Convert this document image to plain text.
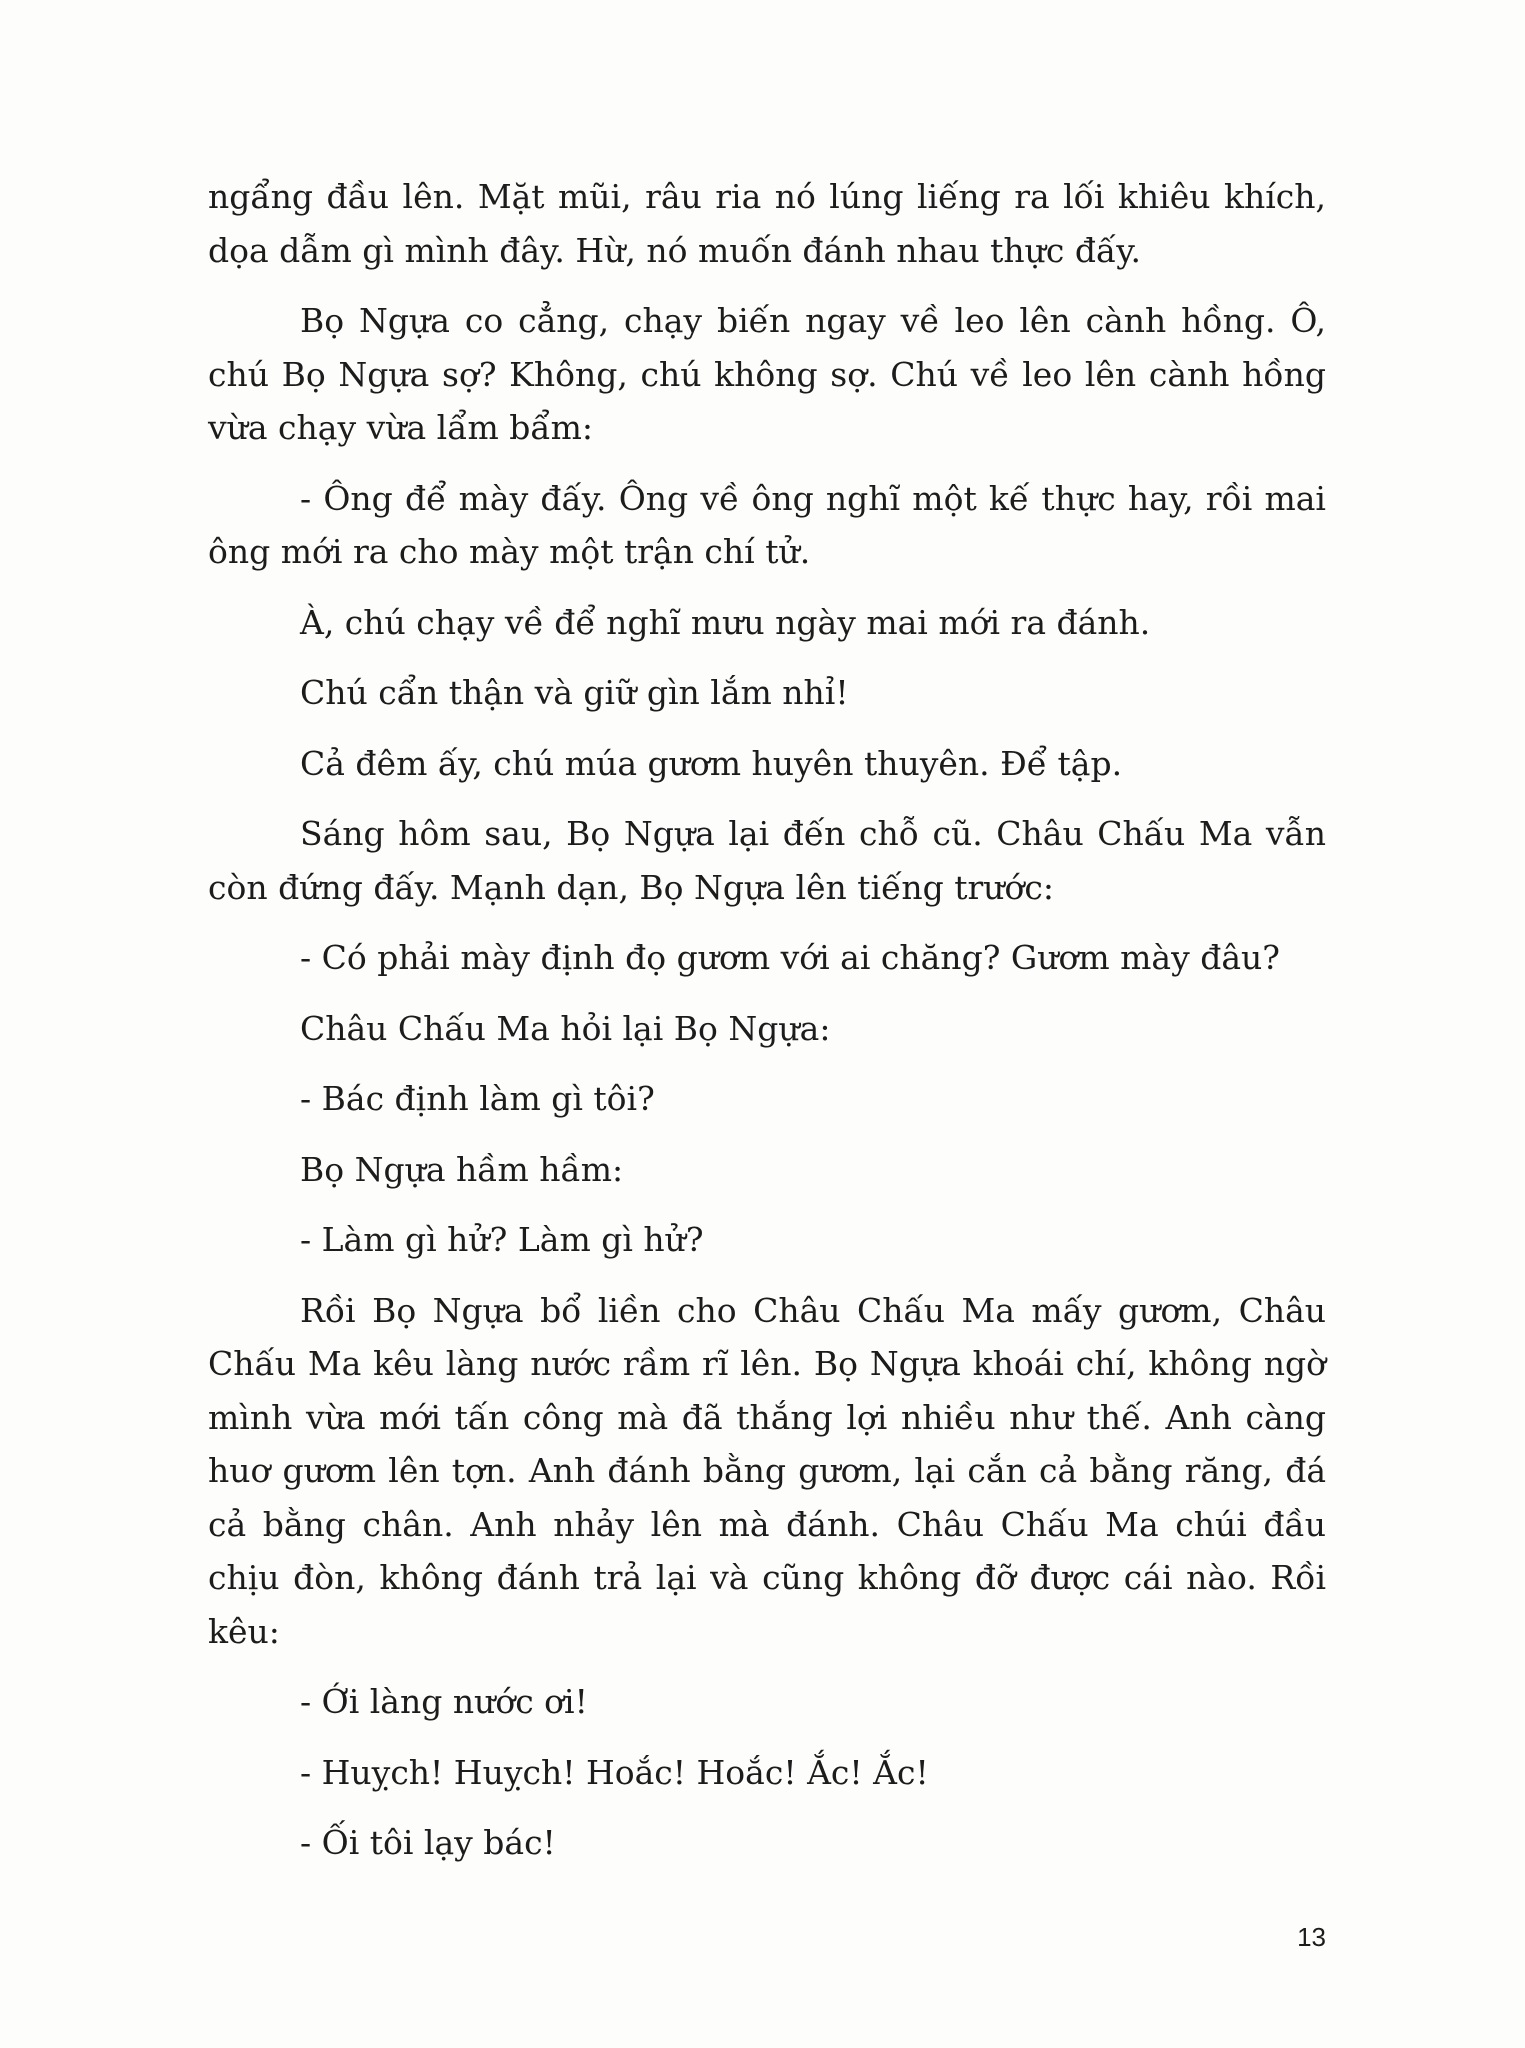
ngẩng đầu lên. Mặt mũi, râu ria nó lúng liếng ra lối khiêu khích, dọa dẫm gì mình đây. Hừ, nó muốn đánh nhau thực đấy.

Bọ Ngựa co cẳng, chạy biến ngay về leo lên cành hồng. Ô, chú Bọ Ngựa sợ? Không, chú không sợ. Chú về leo lên cành hồng vừa chạy vừa lẩm bẩm:

- Ông để mày đấy. Ông về ông nghĩ một kế thực hay, rồi mai ông mới ra cho mày một trận chí tử.

À, chú chạy về để nghĩ mưu ngày mai mới ra đánh.

Chú cẩn thận và giữ gìn lắm nhỉ!

Cả đêm ấy, chú múa gươm huyên thuyên. Để tập.

Sáng hôm sau, Bọ Ngựa lại đến chỗ cũ. Châu Chấu Ma vẫn còn đứng đấy. Mạnh dạn, Bọ Ngựa lên tiếng trước:

- Có phải mày định đọ gươm với ai chăng? Gươm mày đâu?

Châu Chấu Ma hỏi lại Bọ Ngựa:

- Bác định làm gì tôi?

Bọ Ngựa hầm hầm:

- Làm gì hử? Làm gì hử?

Rồi Bọ Ngựa bổ liền cho Châu Chấu Ma mấy gươm, Châu Chấu Ma kêu làng nước rầm rĩ lên. Bọ Ngựa khoái chí, không ngờ mình vừa mới tấn công mà đã thắng lợi nhiều như thế. Anh càng huơ gươm lên tợn. Anh đánh bằng gươm, lại cắn cả bằng răng, đá cả bằng chân. Anh nhảy lên mà đánh. Châu Chấu Ma chúi đầu chịu đòn, không đánh trả lại và cũng không đỡ được cái nào. Rồi kêu:

- Ới làng nước ơi!

- Huỵch! Huỵch! Hoắc! Hoắc! Ắc! Ắc!

- Ối tôi lạy bác!

13
